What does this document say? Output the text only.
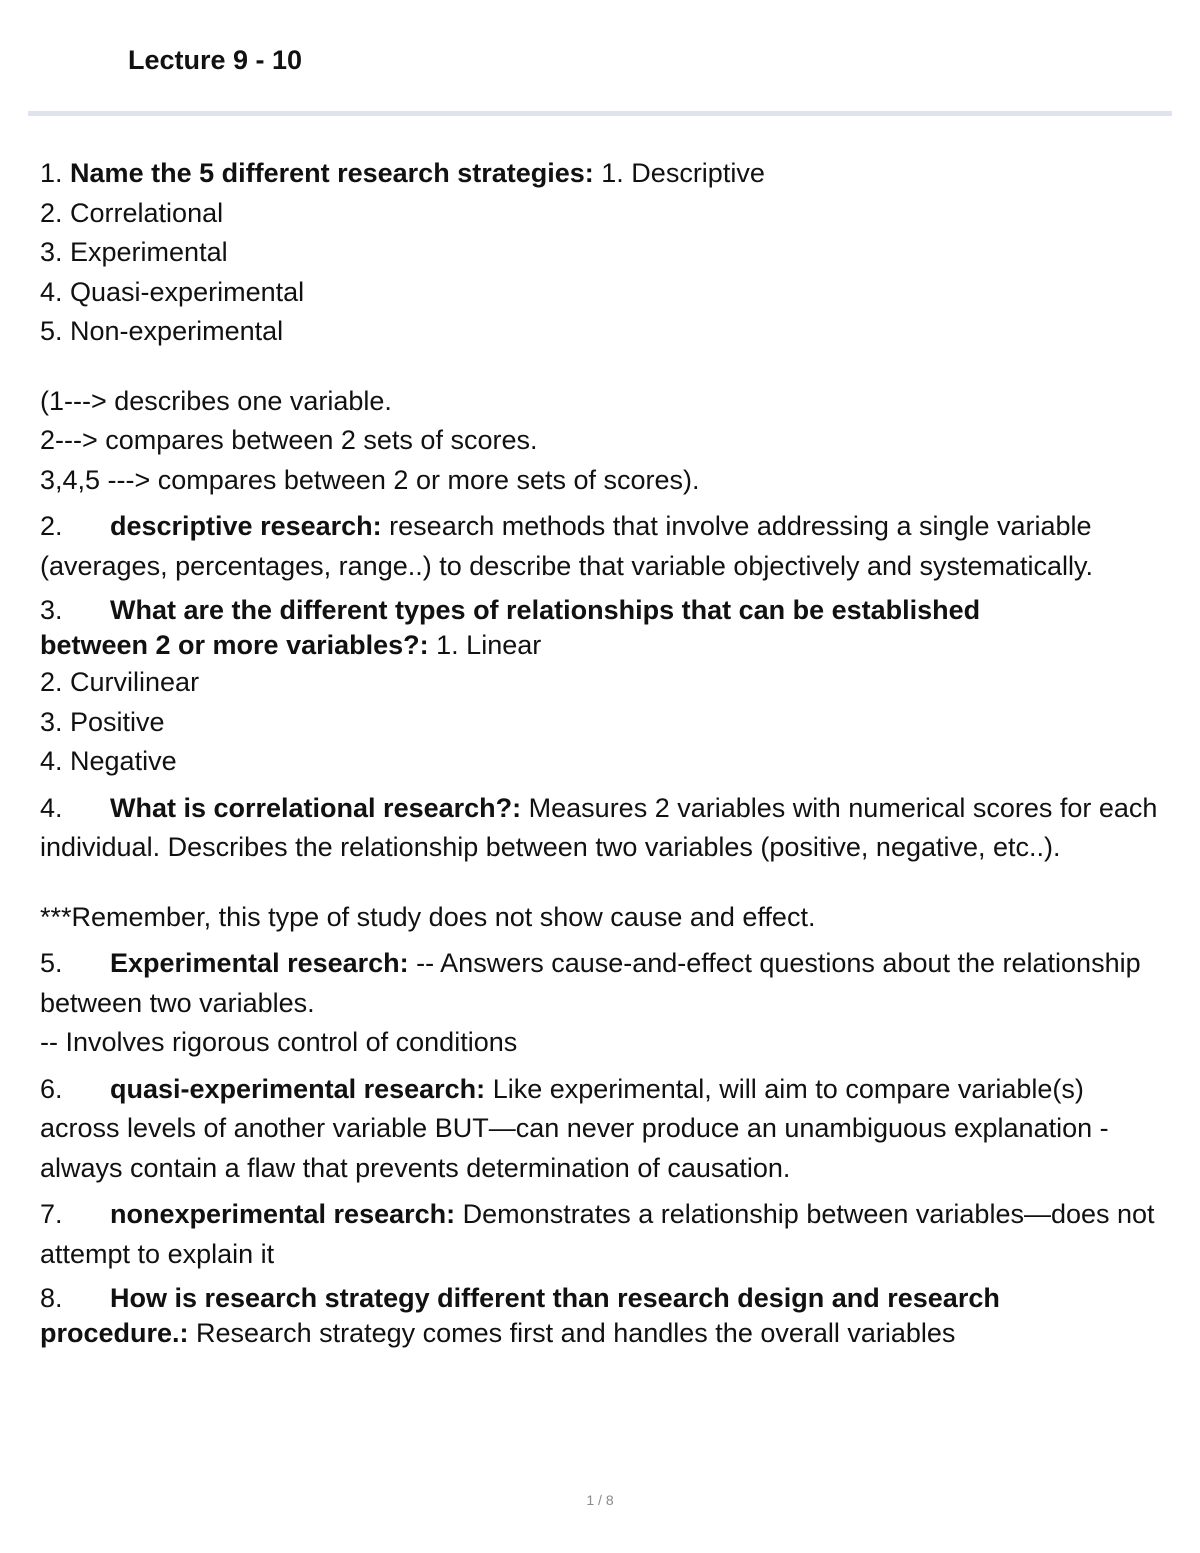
Lecture 9 - 10
1. Name the 5 different research strategies: 1. Descriptive
2. Correlational
3. Experimental
4. Quasi-experimental
5. Non-experimental
(1---> describes one variable.
2---> compares between 2 sets of scores.
3,4,5 ---> compares between 2 or more sets of scores).

2. descriptive research: research methods that involve addressing a single variable (averages, percentages, range..) to describe that variable objectively and systematically.

3. What are the different types of relationships that can be established
between 2 or more variables?: 1. Linear
2. Curvilinear
3. Positive
4. Negative

4. What is correlational research?: Measures 2 variables with numerical scores for each individual. Describes the relationship between two variables (positive, negative, etc..).

***Remember, this type of study does not show cause and effect.

5. Experimental research: -- Answers cause-and-effect questions about the relationship between two variables.

-- Involves rigorous control of conditions

6. quasi-experimental research: Like experimental, will aim to compare variable(s) across levels of another variable BUT—can never produce an unambiguous explanation - always contain a flaw that prevents determination of causation.

7. nonexperimental research: Demonstrates a relationship between variables—does not attempt to explain it

8. How is research strategy different than research design and research
procedure.: Research strategy comes first and handles the overall variables
1 / 8
